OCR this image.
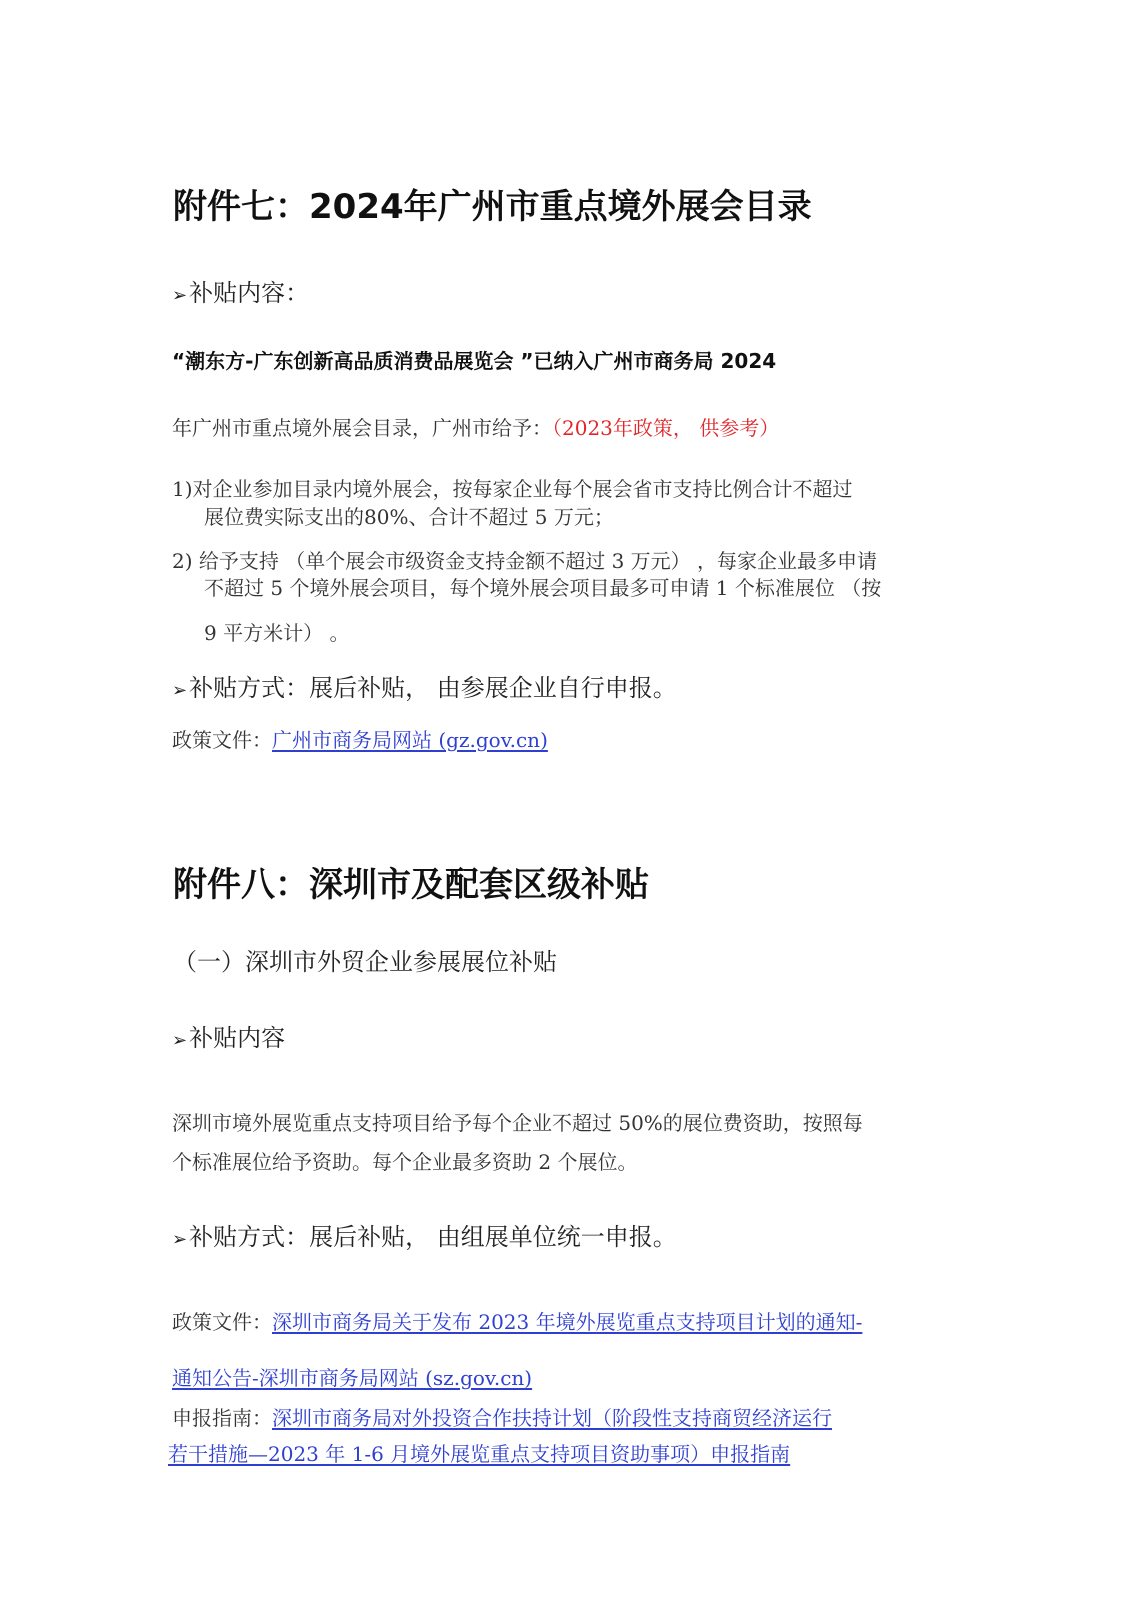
附件七：2024年广州市重点境外展会目录
➢补贴内容：
“潮东方-广东创新高品质消费品展览会 ”已纳入广州市商务局 2024
年广州市重点境外展会目录，广州市给予：（2023年政策， 供参考）
1)对企业参加目录内境外展会，按每家企业每个展会省市支持比例合计不超过
展位费实际支出的80%、合计不超过 5 万元；
2) 给予支持 （单个展会市级资金支持金额不超过 3 万元） ，每家企业最多申请
不超过 5 个境外展会项目，每个境外展会项目最多可申请 1 个标准展位 （按
9 平方米计） 。
➢补贴方式：展后补贴， 由参展企业自行申报。
政策文件：广州市商务局网站 (gz.gov.cn)
附件八：深圳市及配套区级补贴
（一）深圳市外贸企业参展展位补贴
➢补贴内容
深圳市境外展览重点支持项目给予每个企业不超过 50%的展位费资助，按照每
个标准展位给予资助。每个企业最多资助 2 个展位。
➢补贴方式：展后补贴， 由组展单位统一申报。
政策文件：深圳市商务局关于发布 2023 年境外展览重点支持项目计划的通知-
通知公告-深圳市商务局网站 (sz.gov.cn)
申报指南：深圳市商务局对外投资合作扶持计划（阶段性支持商贸经济运行
若干措施—2023 年 1-6 月境外展览重点支持项目资助事项）申报指南
